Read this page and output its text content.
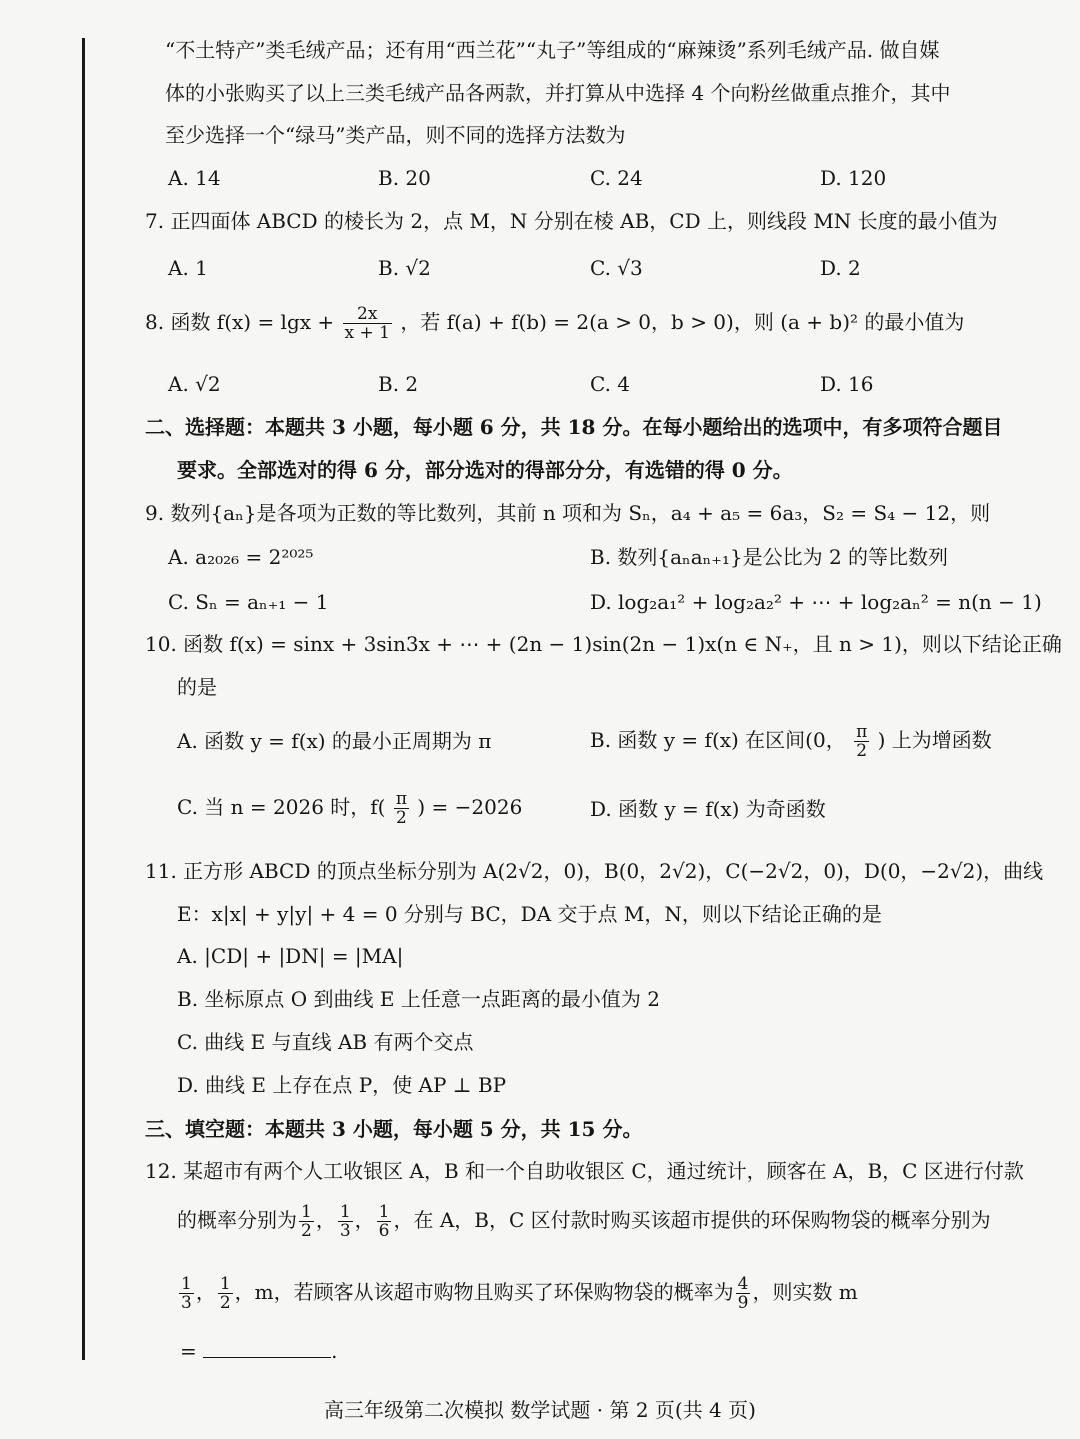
“不土特产”类毛绒产品；还有用“西兰花”“丸子”等组成的“麻辣烫”系列毛绒产品. 做自媒
体的小张购买了以上三类毛绒产品各两款，并打算从中选择 4 个向粉丝做重点推介，其中
至少选择一个“绿马”类产品，则不同的选择方法数为
A. 14	B. 20	C. 24	D. 120
7. 正四面体 ABCD 的棱长为 2，点 M，N 分别在棱 AB，CD 上，则线段 MN 长度的最小值为
A. 1	B. √2	C. √3	D. 2
8. 函数 $f(x) = \lg x + \frac{2x}{x + 1}$ ，若 f(a) + f(b) = 2(a > 0，b > 0)，则 (a + b)² 的最小值为
A. √2	B. 2	C. 4	D. 16
二、选择题：本题共 3 小题，每小题 6 分，共 18 分。在每小题给出的选项中，有多项符合题目
要求。全部选对的得 6 分，部分选对的得部分分，有选错的得 0 分。
9. 数列{aₙ}是各项为正数的等比数列，其前 n 项和为 Sₙ，a₄ + a₅ = 6a₃，S₂ = S₄ − 12，则
A. a₂₀₂₆ = 2²⁰²⁵	B. 数列{aₙaₙ₊₁}是公比为 2 的等比数列
C. Sₙ = aₙ₊₁ − 1	D. log₂a₁² + log₂a₂² + ⋯ + log₂aₙ² = n(n − 1)
10. 函数 f(x) = sinx + 3sin3x + ⋯ + (2n − 1)sin(2n − 1)x(n ∈ N₊，且 n > 1)，则以下结论正确
的是
A. 函数 y = f(x) 的最小正周期为 π	B. 函数 y = f(x) 在区间(0， $\frac{\pi}{2}$ ) 上为增函数
C. 当 n = 2026 时，$f( \frac{\pi}{2}$ ) = −2026	D. 函数 y = f(x) 为奇函数
11. 正方形 ABCD 的顶点坐标分别为 A(2√2，0)，B(0，2√2)，C(−2√2，0)，D(0，−2√2)，曲线
E：x|x| + y|y| + 4 = 0 分别与 BC，DA 交于点 M，N，则以下结论正确的是
A. |CD| + |DN| = |MA|
B. 坐标原点 O 到曲线 E 上任意一点距离的最小值为 2
C. 曲线 E 与直线 AB 有两个交点
D. 曲线 E 上存在点 P，使 AP ⊥ BP
三、填空题：本题共 3 小题，每小题 5 分，共 15 分。
12. 某超市有两个人工收银区 A，B 和一个自助收银区 C，通过统计，顾客在 A，B，C 区进行付款
的概率分别为 $\frac{1}{2}$ ， $\frac{1}{3}$ ， $\frac{1}{6}$ ，在 A，B，C 区付款时购买该超市提供的环保购物袋的概率分别为
$\frac{1}{3}$ ， $\frac{1}{2}$ ，m，若顾客从该超市购物且购买了环保购物袋的概率为 $\frac{4}{9}$ ，则实数 m
=	.
高三年级第二次模拟 数学试题 · 第 2 页(共 4 页)
